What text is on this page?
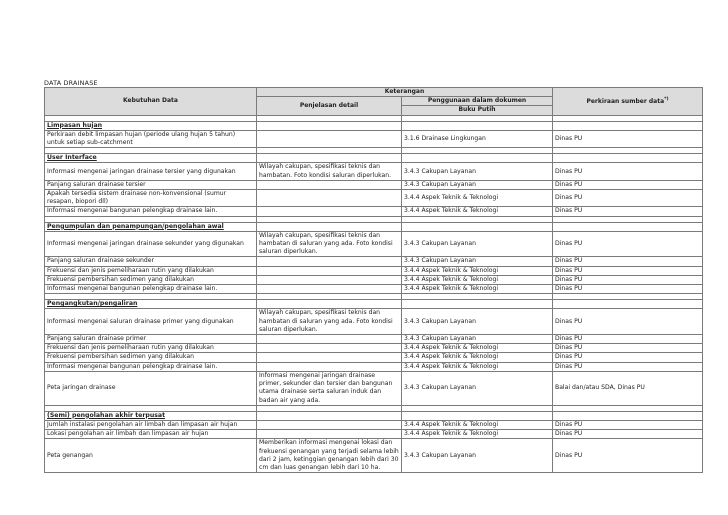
DATA DRAINASE
Kebutuhan Data	Keterangan		Perkiraan sumber data*)
	Penjelasan detail	Penggunaan dalam dokumen	
		Buku Putih	

Limpasan hujan			
Perkiraan debit limpasan hujan (periode ulang hujan 5 tahun) untuk setiap sub-catchment		3.1.6 Drainase Lingkungan	Dinas PU

User Interface			
Informasi mengenai jaringan drainase tersier yang digunakan	Wilayah cakupan, spesifikasi teknis dan hambatan. Foto kondisi saluran diperlukan.	3.4.3 Cakupan Layanan	Dinas PU
Panjang saluran drainase tersier		3.4.3 Cakupan Layanan	Dinas PU
Apakah tersedia sistem drainase non-konvensional (sumur resapan, biopori dll)		3.4.4 Aspek Teknik & Teknologi	Dinas PU
Informasi mengenai bangunan pelengkap drainase lain.		3.4.4 Aspek Teknik & Teknologi	Dinas PU

Pengumpulan dan penampungan/pengolahan awal			
Informasi mengenai jaringan drainase sekunder yang digunakan	Wilayah cakupan, spesifikasi teknis dan hambatan di saluran yang ada. Foto kondisi saluran diperlukan.	3.4.3 Cakupan Layanan	Dinas PU
Panjang saluran drainase sekunder		3.4.3 Cakupan Layanan	Dinas PU
Frekuensi dan jenis pemeliharaan rutin yang dilakukan		3.4.4 Aspek Teknik & Teknologi	Dinas PU
Frekuensi pembersihan sedimen yang dilakukan		3.4.4 Aspek Teknik & Teknologi	Dinas PU
Informasi mengenai bangunan pelengkap drainase lain.		3.4.4 Aspek Teknik & Teknologi	Dinas PU

Pengangkutan/pengaliran			
Informasi mengenai saluran drainase primer yang digunakan	Wilayah cakupan, spesifikasi teknis dan hambatan di saluran yang ada. Foto kondisi saluran diperlukan.	3.4.3 Cakupan Layanan	Dinas PU
Panjang saluran drainase primer		3.4.3 Cakupan Layanan	Dinas PU
Frekuensi dan jenis pemeliharaan rutin yang dilakukan		3.4.4 Aspek Teknik & Teknologi	Dinas PU
Frekuensi pembersihan sedimen yang dilakukan		3.4.4 Aspek Teknik & Teknologi	Dinas PU
Informasi mengenai bangunan pelengkap drainase lain.		3.4.4 Aspek Teknik & Teknologi	Dinas PU
Peta jaringan drainase	Informasi mengenai jaringan drainase primer, sekunder dan tersier dan bangunan utama drainase serta saluran induk dan badan air yang ada.	3.4.3 Cakupan Layanan	Balai dan/atau SDA, Dinas PU

(Semi) pengolahan akhir terpusat			
Jumlah instalasi pengolahan air limbah dan limpasan air hujan		3.4.4 Aspek Teknik & Teknologi	Dinas PU
Lokasi pengolahan air limbah dan limpasan air hujan		3.4.4 Aspek Teknik & Teknologi	Dinas PU
Peta genangan	Memberikan informasi mengenai lokasi dan frekuensi genangan yang terjadi selama lebih dari 2 jam, ketinggian genangan lebih dari 30 cm dan luas genangan lebih dari 10 ha.	3.4.3 Cakupan Layanan	Dinas PU
